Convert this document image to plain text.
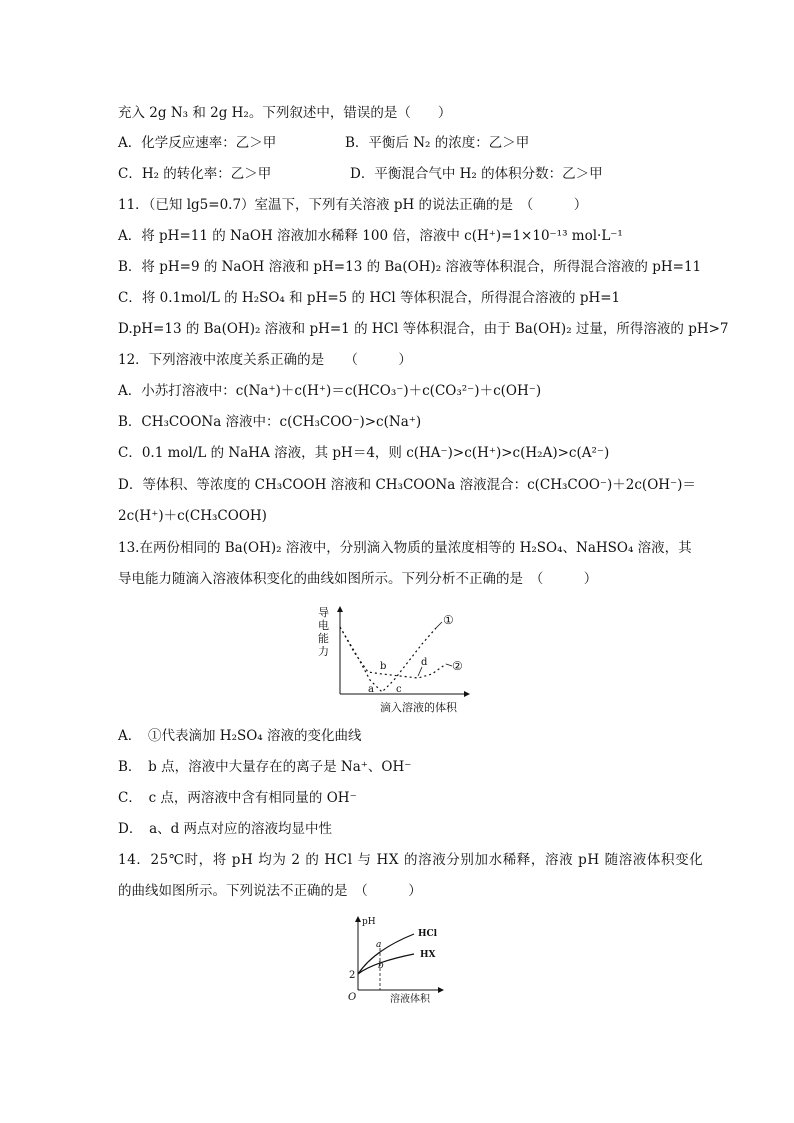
充入 2g N₃ 和 2g H₂。下列叙述中，错误的是（　　）
A．化学反应速率：乙＞甲	B．平衡后 N₂ 的浓度：乙＞甲
C．H₂ 的转化率：乙＞甲	D．平衡混合气中 H₂ 的体积分数：乙＞甲
11．（已知 lg5=0.7）室温下，下列有关溶液 pH 的说法正确的是　（　　　）
A．将 pH=11 的 NaOH 溶液加水稀释 100 倍，溶液中 c(H⁺)=1×10⁻¹³ mol·L⁻¹
B．将 pH=9 的 NaOH 溶液和 pH=13 的 Ba(OH)₂ 溶液等体积混合，所得混合溶液的 pH=11
C．将 0.1mol/L 的 H₂SO₄ 和 pH=5 的 HCl 等体积混合，所得混合溶液的 pH=1
D.pH=13 的 Ba(OH)₂ 溶液和 pH=1 的 HCl 等体积混合，由于 Ba(OH)₂ 过量，所得溶液的 pH>7
12．下列溶液中浓度关系正确的是　　（　　　）
A．小苏打溶液中：c(Na⁺)＋c(H⁺)＝c(HCO₃⁻)＋c(CO₃²⁻)＋c(OH⁻)
B．CH₃COONa 溶液中：c(CH₃COO⁻)>c(Na⁺)
C．0.1 mol/L 的 NaHA 溶液，其 pH＝4，则 c(HA⁻)>c(H⁺)>c(H₂A)>c(A²⁻)
D．等体积、等浓度的 CH₃COOH 溶液和 CH₃COONa 溶液混合：c(CH₃COO⁻)＋2c(OH⁻)＝
2c(H⁺)＋c(CH₃COOH)
13.在两份相同的 Ba(OH)₂ 溶液中，分别滴入物质的量浓度相等的 H₂SO₄、NaHSO₄ 溶液，其
导电能力随滴入溶液体积变化的曲线如图所示。下列分析不正确的是　（　　　）
导
电
能
力
①
②
a
b
c
d
滴入溶液的体积
A．　①代表滴加 H₂SO₄ 溶液的变化曲线
B．　b 点，溶液中大量存在的离子是 Na⁺、OH⁻
C．　c 点，两溶液中含有相同量的 OH⁻
D．　a、d 两点对应的溶液均显中性
14．25℃时，将 pH 均为 2 的 HCl 与 HX 的溶液分别加水稀释，溶液 pH 随溶液体积变化
的曲线如图所示。下列说法不正确的是　（　　　）
pH
O
2
a
b
HCl
HX
溶液体积
